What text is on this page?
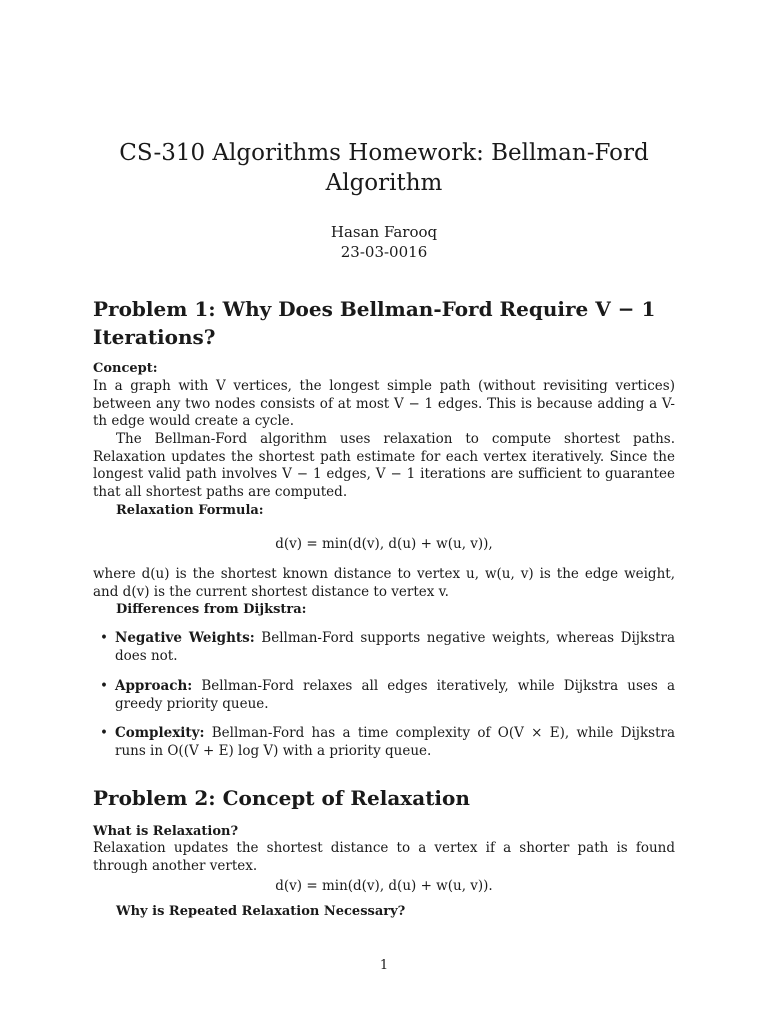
CS-310 Algorithms Homework: Bellman-Ford Algorithm
Hasan Farooq
23-03-0016
Problem 1: Why Does Bellman-Ford Require V − 1 Iterations?
Concept:
In a graph with V vertices, the longest simple path (without revisiting vertices) between any two nodes consists of at most V − 1 edges. This is because adding a V-th edge would create a cycle.
The Bellman-Ford algorithm uses relaxation to compute shortest paths. Relaxation updates the shortest path estimate for each vertex iteratively. Since the longest valid path involves V − 1 edges, V − 1 iterations are sufficient to guarantee that all shortest paths are computed.
Relaxation Formula:
d(v) = min(d(v), d(u) + w(u, v)),
where d(u) is the shortest known distance to vertex u, w(u, v) is the edge weight, and d(v) is the current shortest distance to vertex v.
Differences from Dijkstra:
• Negative Weights: Bellman-Ford supports negative weights, whereas Dijkstra does not.
• Approach: Bellman-Ford relaxes all edges iteratively, while Dijkstra uses a greedy priority queue.
• Complexity: Bellman-Ford has a time complexity of O(V × E), while Dijkstra runs in O((V + E) log V) with a priority queue.
Problem 2: Concept of Relaxation
What is Relaxation?
Relaxation updates the shortest distance to a vertex if a shorter path is found through another vertex.
d(v) = min(d(v), d(u) + w(u, v)).
Why is Repeated Relaxation Necessary?
1
